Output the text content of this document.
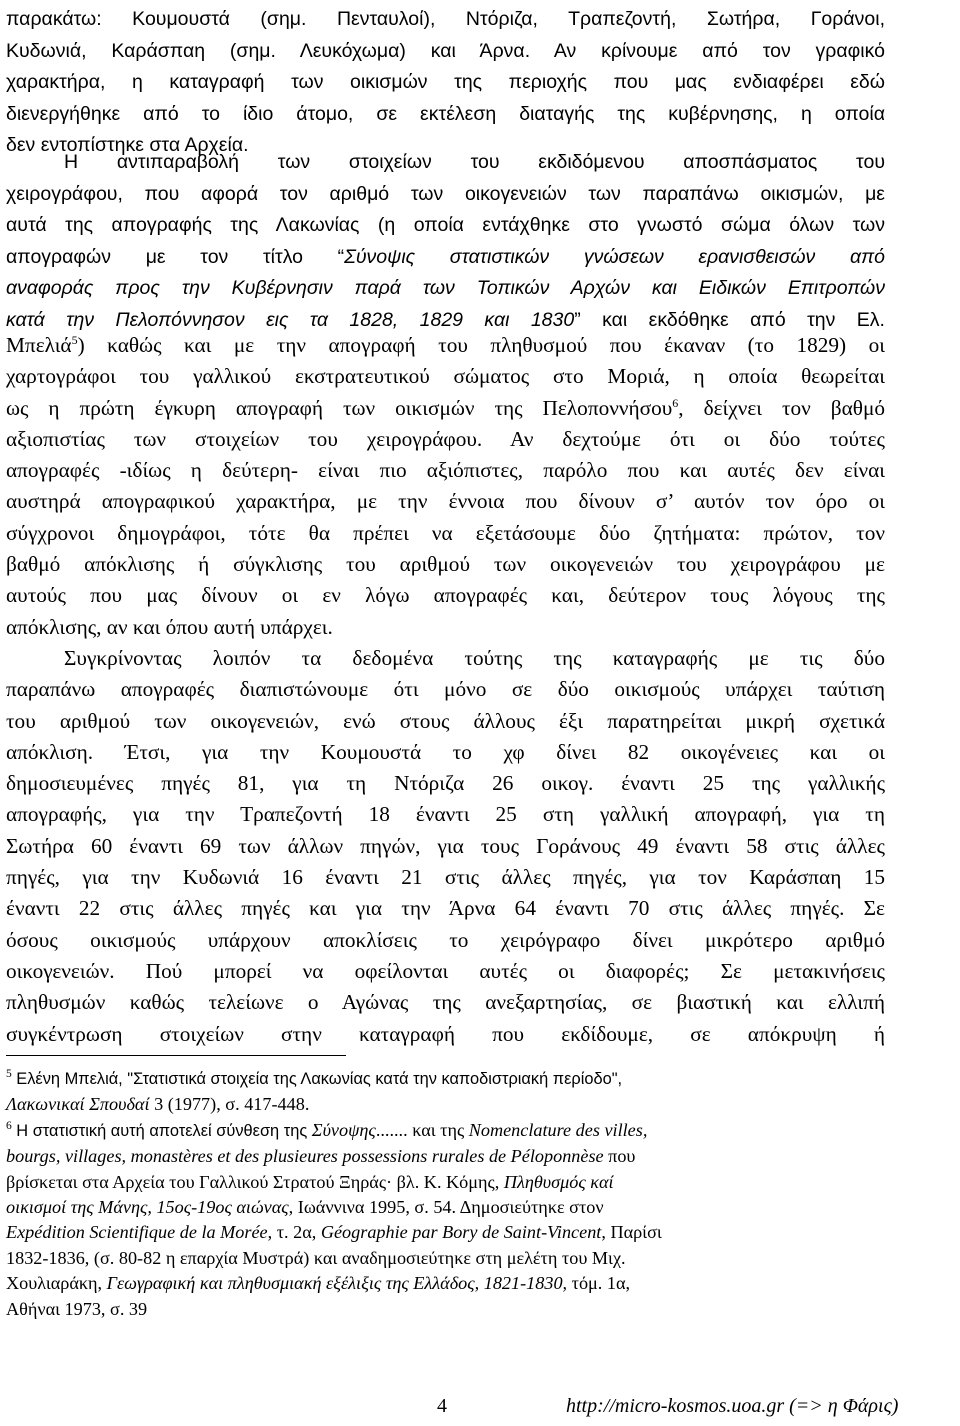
παρακάτω: Κουμουστά (σημ. Πενταυλοί), Ντόριζα, Τραπεζοντή, Σωτήρα, Γοράνοι,
Κυδωνιά, Καράσπαη (σημ. Λευκόχωμα) και Άρνα. Αν κρίνουμε από τον γραφικό
χαρακτήρα, η καταγραφή των οικισμών της περιοχής που μας ενδιαφέρει εδώ
διενεργήθηκε από το ίδιο άτομο, σε εκτέλεση διαταγής της κυβέρνησης, η οποία
δεν εντοπίστηκε στα Αρχεία.
Η αντιπαραβολή των στοιχείων του εκδιδόμενου αποσπάσματος του
χειρογράφου, που αφορά τον αριθμό των οικογενειών των παραπάνω οικισμών, με
αυτά της απογραφής της Λακωνίας (η οποία εντάχθηκε στο γνωστό σώμα όλων των
απογραφών με τον τίτλο “Σύνοψις στατιστικών γνώσεων ερανισθεισών από
αναφοράς προς την Κυβέρνησιν παρά των Τοπικών Αρχών και Ειδικών Επιτροπών
κατά την Πελοπόννησον εις τα 1828, 1829 και 1830” και εκδόθηκε από την Ελ.
Μπελιά$^5$) καθώς και με την απογραφή του πληθυσμού που έκαναν (το 1829) οι
χαρτογράφοι του γαλλικού εκστρατευτικού σώματος στο Μοριά, η οποία θεωρείται
ως η πρώτη έγκυρη απογραφή των οικισμών της Πελοποννήσου$^6$, δείχνει τον βαθμό
αξιοπιστίας των στοιχείων του χειρογράφου. Αν δεχτούμε ότι οι δύο τούτες
απογραφές -ιδίως η δεύτερη- είναι πιο αξιόπιστες, παρόλο που και αυτές δεν είναι
αυστηρά απογραφικού χαρακτήρα, με την έννοια που δίνουν σ’ αυτόν τον όρο οι
σύγχρονοι δημογράφοι, τότε θα πρέπει να εξετάσουμε δύο ζητήματα: πρώτον, τον
βαθμό απόκλισης ή σύγκλισης του αριθμού των οικογενειών του χειρογράφου με
αυτούς που μας δίνουν οι εν λόγω απογραφές και, δεύτερον τους λόγους της
απόκλισης, αν και όπου αυτή υπάρχει.
Συγκρίνοντας λοιπόν τα δεδομένα τούτης της καταγραφής με τις δύο
παραπάνω απογραφές διαπιστώνουμε ότι μόνο σε δύο οικισμούς υπάρχει ταύτιση
του αριθμού των οικογενειών, ενώ στους άλλους έξι παρατηρείται μικρή σχετικά
απόκλιση. Έτσι, για την Κουμουστά το χφ δίνει 82 οικογένειες και οι
δημοσιευμένες πηγές 81, για τη Ντόριζα 26 οικογ. έναντι 25 της γαλλικής
απογραφής, για την Τραπεζοντή 18 έναντι 25 στη γαλλική απογραφή, για τη
Σωτήρα 60 έναντι 69 των άλλων πηγών, για τους Γοράνους 49 έναντι 58 στις άλλες
πηγές, για την Κυδωνιά 16 έναντι 21 στις άλλες πηγές, για τον Καράσπαη 15
έναντι 22 στις άλλες πηγές και για την Άρνα 64 έναντι 70 στις άλλες πηγές. Σε
όσους οικισμούς υπάρχουν αποκλίσεις το χειρόγραφο δίνει μικρότερο αριθμό
οικογενειών. Πού μπορεί να οφείλονται αυτές οι διαφορές; Σε μετακινήσεις
πληθυσμών καθώς τελείωνε ο Αγώνας της ανεξαρτησίας, σε βιαστική και ελλιπή
συγκέντρωση στοιχείων στην καταγραφή που εκδίδουμε, σε απόκρυψη ή
$^5$ Ελένη Μπελιά, "Στατιστικά στοιχεία της Λακωνίας κατά την καποδιστριακή περίοδο",
Λακωνικαί Σπουδαί 3 (1977), σ. 417-448.
$^6$ Η στατιστική αυτή αποτελεί σύνθεση της Σύνοψης....... και της Nomenclature des villes,
bourgs, villages, monastères et des plusieures possessions rurales de Péloponnèse που
βρίσκεται στα Αρχεία του Γαλλικού Στρατού Ξηράς· βλ. Κ. Κόμης, Πληθυσμός καί
οικισμοί της Μάνης, 15ος-19ος αιώνας, Ιωάννινα 1995, σ. 54. Δημοσιεύτηκε στον
Expédition Scientifique de la Morée, τ. 2α, Géographie par Bory de Saint-Vincent, Παρίσι
1832-1836, (σ. 80-82 η επαρχία Μυστρά) και αναδημοσιεύτηκε στη μελέτη του Μιχ.
Χουλιαράκη, Γεωγραφική και πληθυσμιακή εξέλιξις της Ελλάδος, 1821-1830, τόμ. 1α,
Αθήναι 1973, σ. 39
4	http://micro-kosmos.uoa.gr (=> η Φάρις)
